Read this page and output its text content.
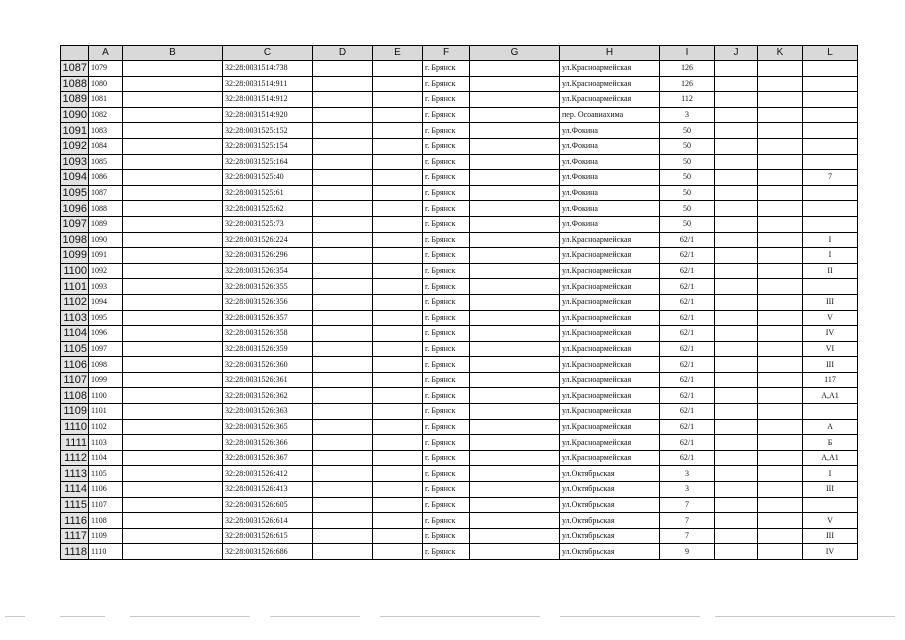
	A	B	C	D	E	F	G	H	I	J	K	L
1087	1079		32:28:0031514:738			г. Брянск		ул.Красноармейская	126			
1088	1080		32:28:0031514:911			г. Брянск		ул.Красноармейская	126			
1089	1081		32:28:0031514:912			г. Брянск		ул.Красноармейская	112			
1090	1082		32:28:0031514:920			г. Брянск		пер. Осоавиахима	3			
1091	1083		32:28:0031525:152			г. Брянск		ул.Фокина	50			
1092	1084		32:28:0031525:154			г. Брянск		ул.Фокина	50			
1093	1085		32:28:0031525:164			г. Брянск		ул.Фокина	50			
1094	1086		32:28:0031525:40			г. Брянск		ул.Фокина	50			7
1095	1087		32:28:0031525:61			г. Брянск		ул.Фокина	50			
1096	1088		32:28:0031525:62			г. Брянск		ул.Фокина	50			
1097	1089		32:28:0031525:73			г. Брянск		ул.Фокина	50			
1098	1090		32:28:0031526:224			г. Брянск		ул.Красноармейская	62/1			I
1099	1091		32:28:0031526:296			г. Брянск		ул.Красноармейская	62/1			I
1100	1092		32:28:0031526:354			г. Брянск		ул.Красноармейская	62/1			II
1101	1093		32:28:0031526:355			г. Брянск		ул.Красноармейская	62/1			
1102	1094		32:28:0031526:356			г. Брянск		ул.Красноармейская	62/1			III
1103	1095		32:28:0031526:357			г. Брянск		ул.Красноармейская	62/1			V
1104	1096		32:28:0031526:358			г. Брянск		ул.Красноармейская	62/1			IV
1105	1097		32:28:0031526:359			г. Брянск		ул.Красноармейская	62/1			VI
1106	1098		32:28:0031526:360			г. Брянск		ул.Красноармейская	62/1			III
1107	1099		32:28:0031526:361			г. Брянск		ул.Красноармейская	62/1			117
1108	1100		32:28:0031526:362			г. Брянск		ул.Красноармейская	62/1			А,А1
1109	1101		32:28:0031526:363			г. Брянск		ул.Красноармейская	62/1			
1110	1102		32:28:0031526:365			г. Брянск		ул.Красноармейская	62/1			А
1111	1103		32:28:0031526:366			г. Брянск		ул.Красноармейская	62/1			Б
1112	1104		32:28:0031526:367			г. Брянск		ул.Красноармейская	62/1			А,А1
1113	1105		32:28:0031526:412			г. Брянск		ул.Октябрьская	3			I
1114	1106		32:28:0031526:413			г. Брянск		ул.Октябрьская	3			III
1115	1107		32:28:0031526:605			г. Брянск		ул.Октябрьская	7			
1116	1108		32:28:0031526:614			г. Брянск		ул.Октябрьская	7			V
1117	1109		32:28:0031526:615			г. Брянск		ул.Октябрьская	7			III
1118	1110		32:28:0031526:686			г. Брянск		ул.Октябрьская	9			IV
